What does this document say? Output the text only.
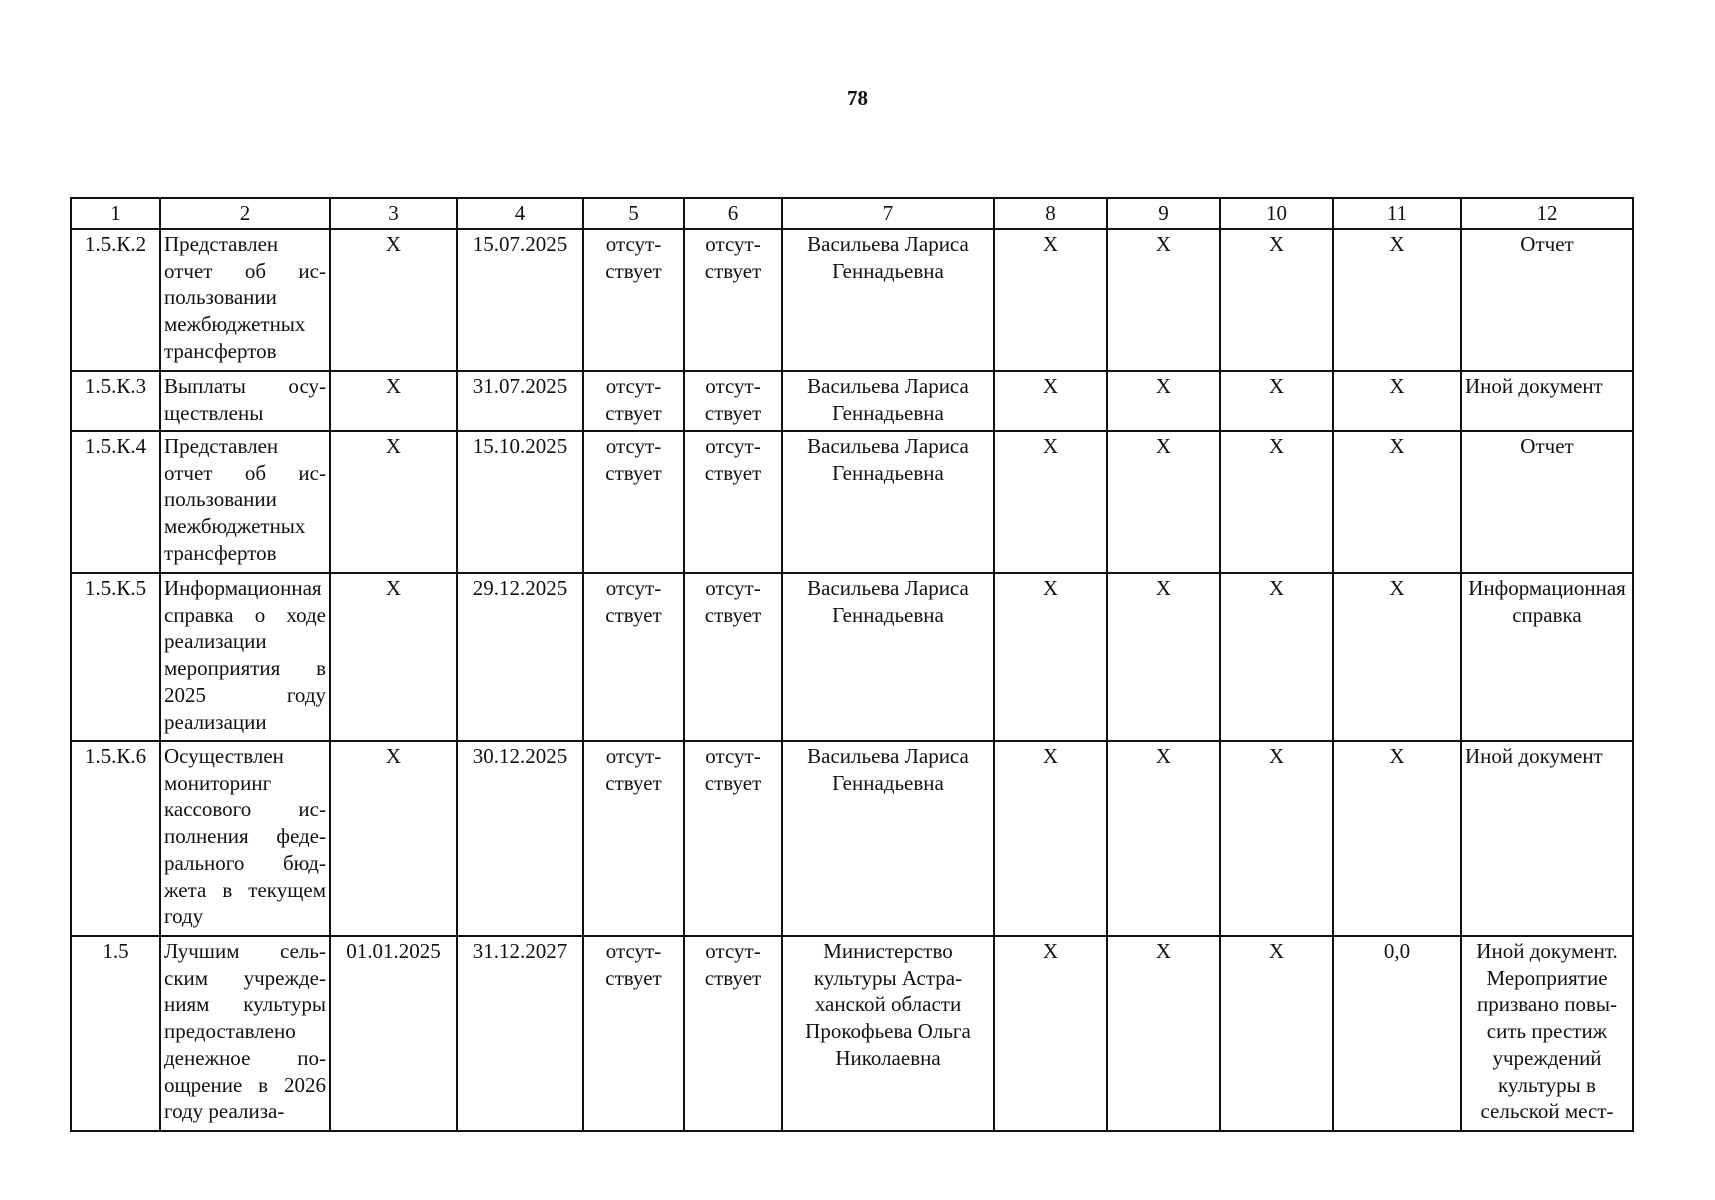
78
1	2	3	4	5	6	7	8	9	10	11	12
1.5.К.2	Представлен отчет об использовании межбюджетных трансфертов	Х	15.07.2025	отсутствует	отсутствует	Васильева Лариса Геннадьевна	Х	Х	Х	Х	Отчет
1.5.К.3	Выплаты осуществлены	Х	31.07.2025	отсутствует	отсутствует	Васильева Лариса Геннадьевна	Х	Х	Х	Х	Иной документ
1.5.К.4	Представлен отчет об использовании межбюджетных трансфертов	Х	15.10.2025	отсутствует	отсутствует	Васильева Лариса Геннадьевна	Х	Х	Х	Х	Отчет
1.5.К.5	Информационная справка о ходе реализации мероприятия в 2025 году реализации	Х	29.12.2025	отсутствует	отсутствует	Васильева Лариса Геннадьевна	Х	Х	Х	Х	Информационная справка
1.5.К.6	Осуществлен мониторинг кассового исполнения федерального бюджета в текущем году	Х	30.12.2025	отсутствует	отсутствует	Васильева Лариса Геннадьевна	Х	Х	Х	Х	Иной документ
1.5	Лучшим сельским учреждениям культуры предоставлено денежное поощрение в 2026 году реализа-	01.01.2025	31.12.2027	отсутствует	отсутствует	Министерство культуры Астраханской области Прокофьева Ольга Николаевна	Х	Х	Х	0,0	Иной документ. Мероприятие призвано повысить престиж учреждений культуры в сельской мест-
